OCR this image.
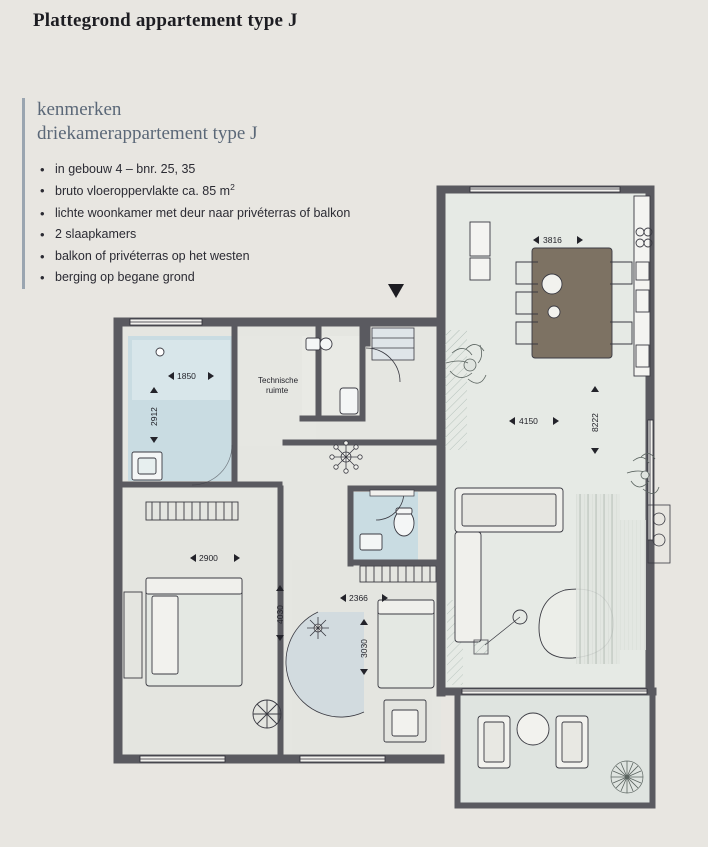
Plattegrond appartement type J
kenmerken
driekamerappartement type J
• in gebouw 4 – bnr. 25, 35
• bruto vloeroppervlakte ca. 85 $m^2$
• lichte woonkamer met deur naar privéterras of balkon
• 2 slaapkamers
• balkon of privéterras op het westen
• berging op begane grond
3816
4150	8222
1850
2912
2900
4030
2366
3030
Technische
ruimte
